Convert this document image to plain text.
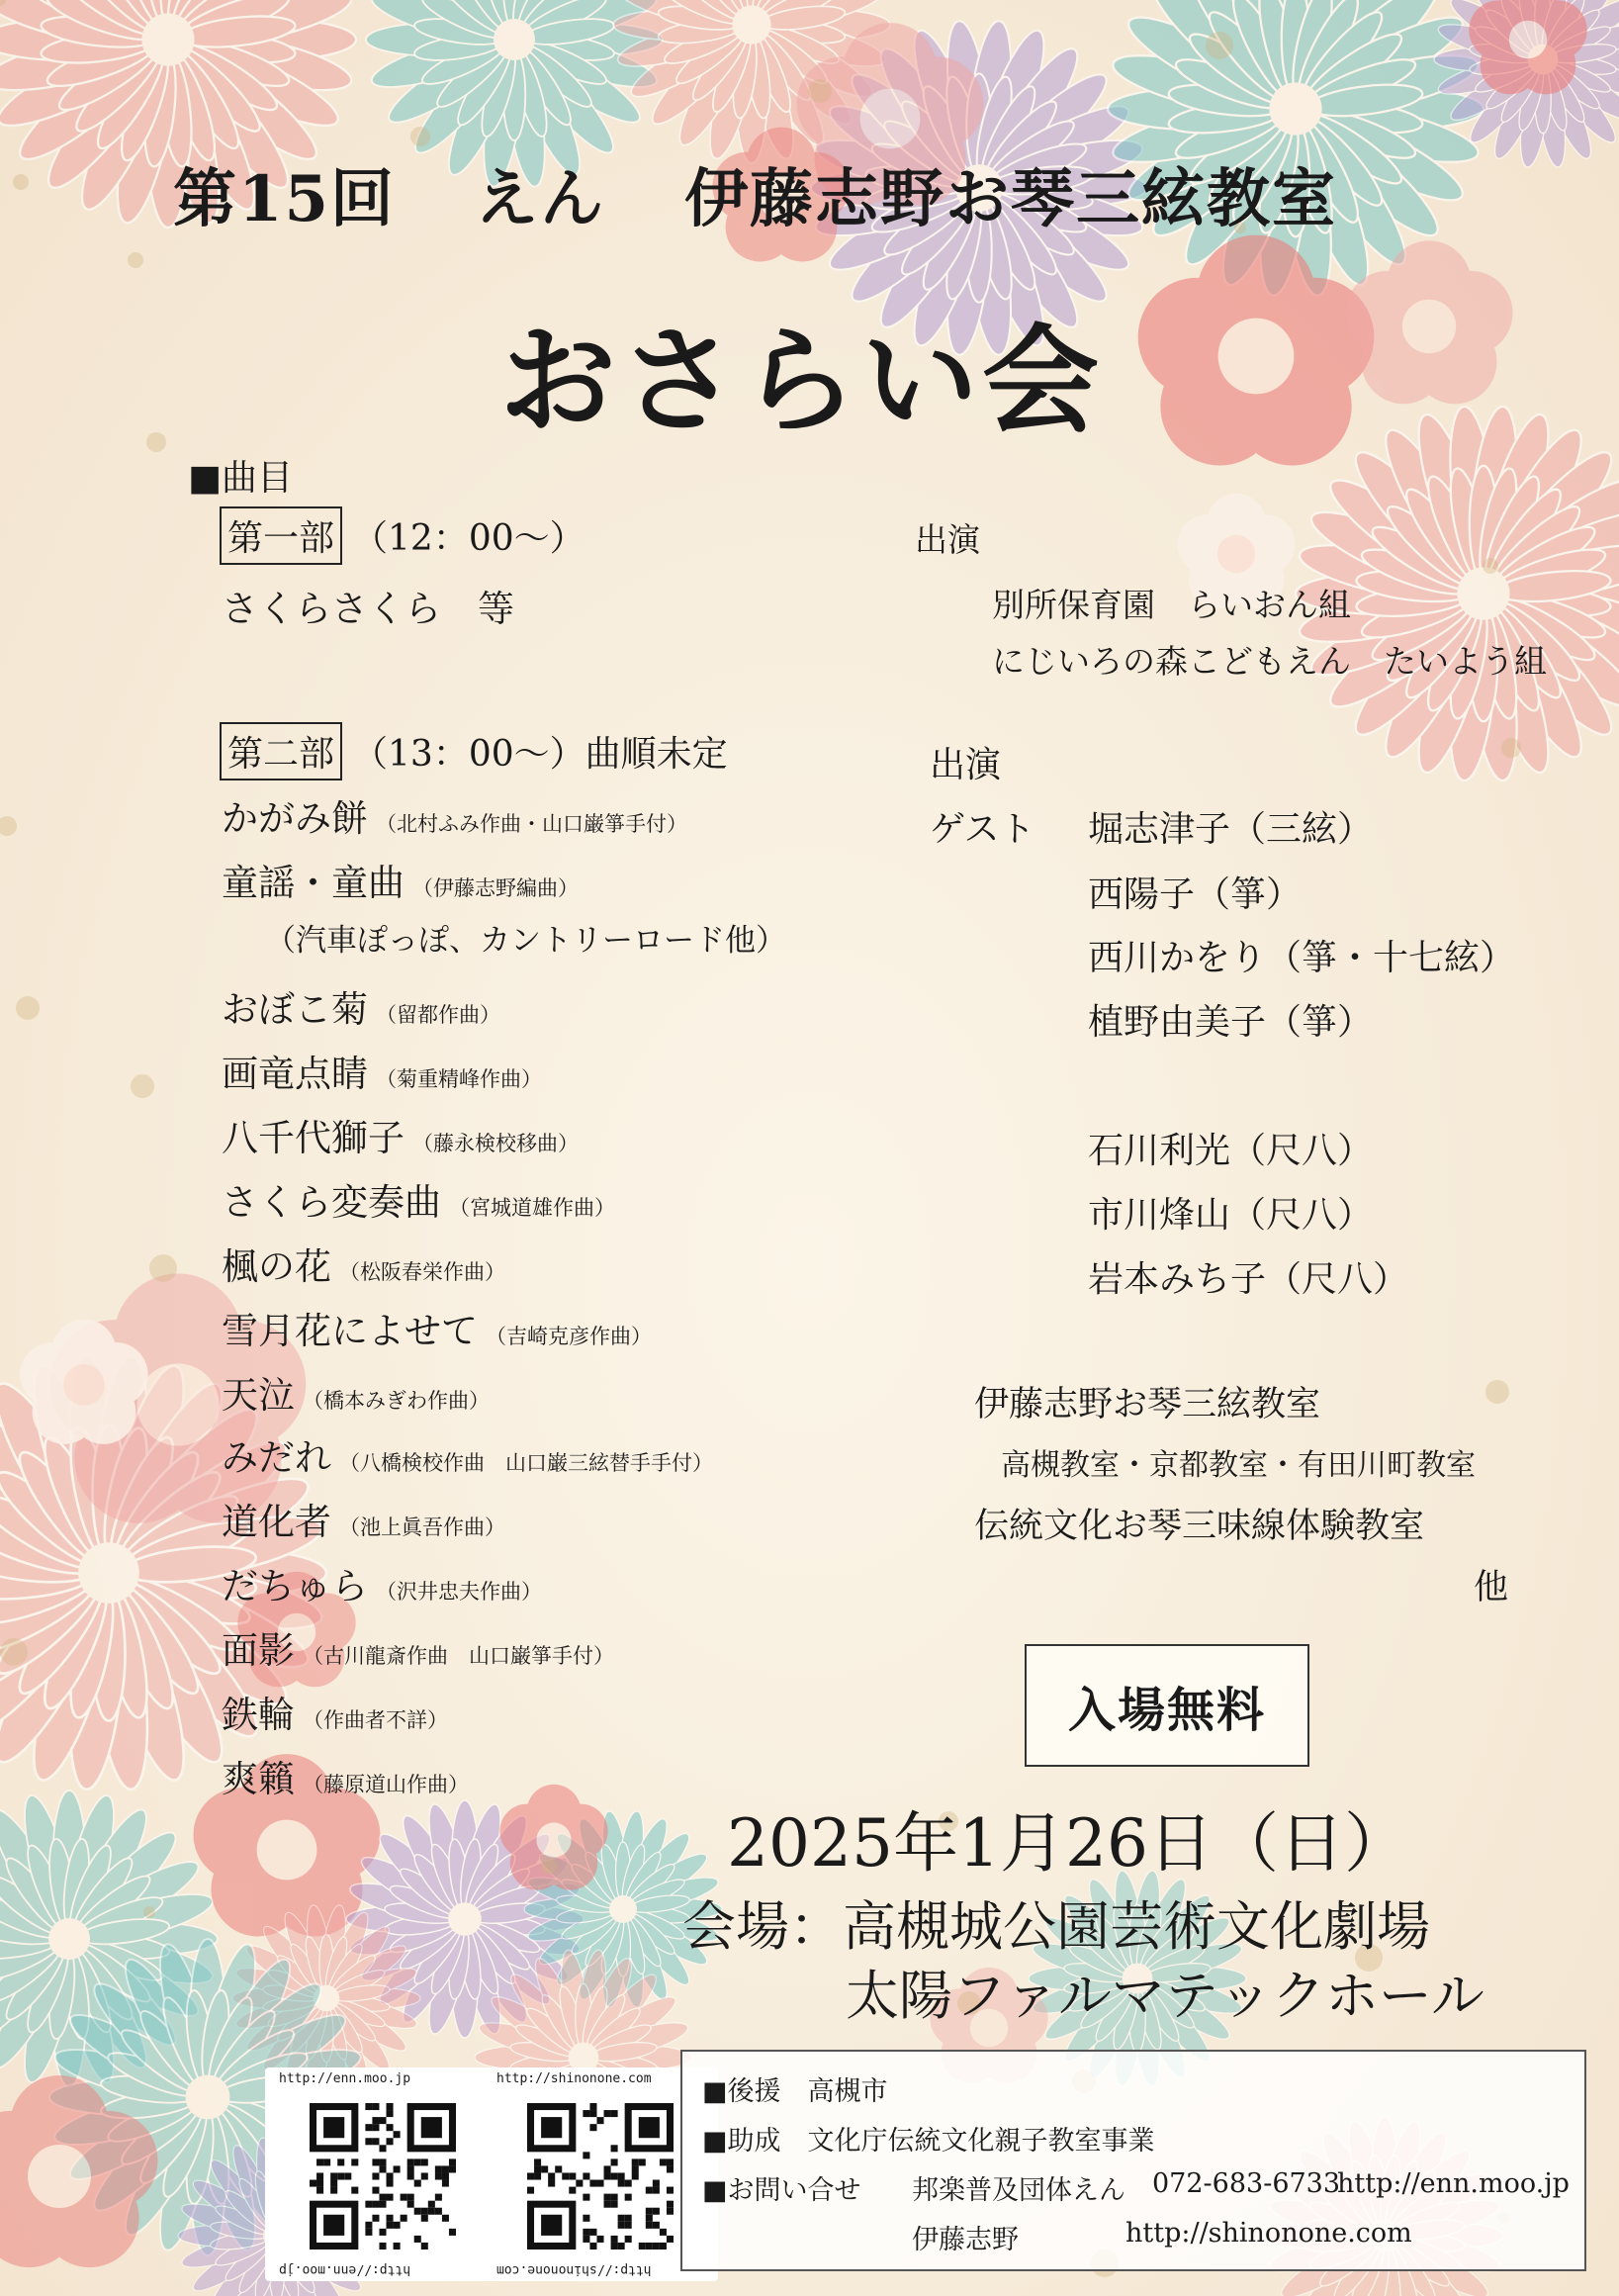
第15回 えん 伊藤志野お琴三絃教室
おさらい会
■曲目
第一部 （12：00～）
さくらさくら　等
出演
別所保育園　らいおん組
にじいろの森こどもえん　たいよう組
第二部 （13：00～）曲順未定
かがみ餅 （北村ふみ作曲・山口巌箏手付）
童謡・童曲 （伊藤志野編曲）
（汽車ぽっぽ、カントリーロード他）
おぼこ菊 （留都作曲）
画竜点睛 （菊重精峰作曲）
八千代獅子 （藤永検校移曲）
さくら変奏曲 （宮城道雄作曲）
楓の花 （松阪春栄作曲）
雪月花によせて （吉崎克彦作曲）
天泣 （橋本みぎわ作曲）
みだれ （八橋検校作曲　山口巌三絃替手手付）
道化者 （池上眞吾作曲）
だちゅら （沢井忠夫作曲）
面影 （古川龍斎作曲　山口巌箏手付）
鉄輪 （作曲者不詳）
爽籟 （藤原道山作曲）
出演
ゲスト 堀志津子（三絃）
西陽子（箏）
西川かをり（箏・十七絃）
植野由美子（箏）
石川利光（尺八）
市川烽山（尺八）
岩本みち子（尺八）
伊藤志野お琴三絃教室
高槻教室・京都教室・有田川町教室
伝統文化お琴三味線体験教室
他
入場無料
2025年1月26日（日）
会場：高槻城公園芸術文化劇場
太陽ファルマテックホール
http://enn.moo.jp
http://enn.moo.jp
http://shinonone.com
http://shinonone.com
■後援　 高槻市
■助成　 文化庁伝統文化親子教室事業
■お問い合せ 邦楽普及団体えん 072-683-6733
http://enn.moo.jp
伊藤志野	http://shinonone.com
